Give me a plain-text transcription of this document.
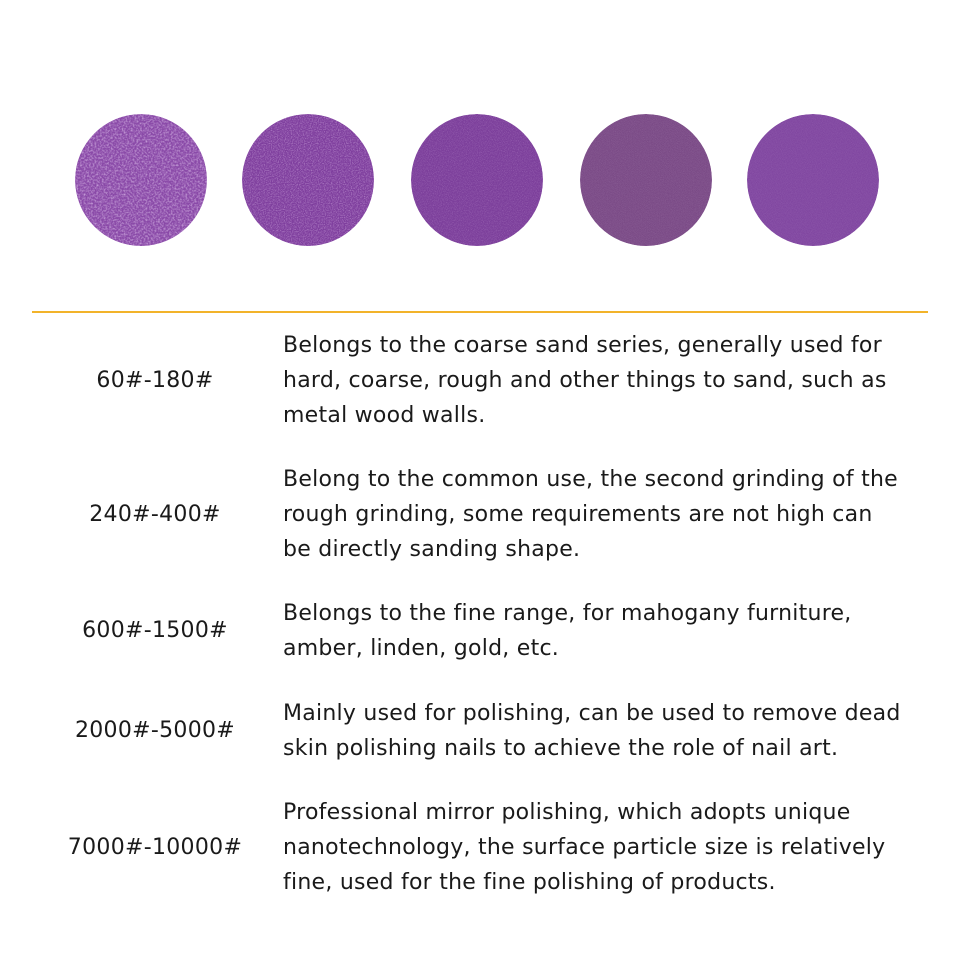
60#-180#
Belongs to the coarse sand series, generally used for
hard, coarse, rough and other things to sand, such as
metal wood walls.
240#-400#
Belong to the common use, the second grinding of the
rough grinding, some requirements are not high can
be directly sanding shape.
600#-1500#
Belongs to the fine range, for mahogany furniture,
amber, linden, gold, etc.
2000#-5000#
Mainly used for polishing, can be used to remove dead
skin polishing nails to achieve the role of nail art.
7000#-10000#
Professional mirror polishing, which adopts unique
nanotechnology, the surface particle size is relatively
fine, used for the fine polishing of products.
